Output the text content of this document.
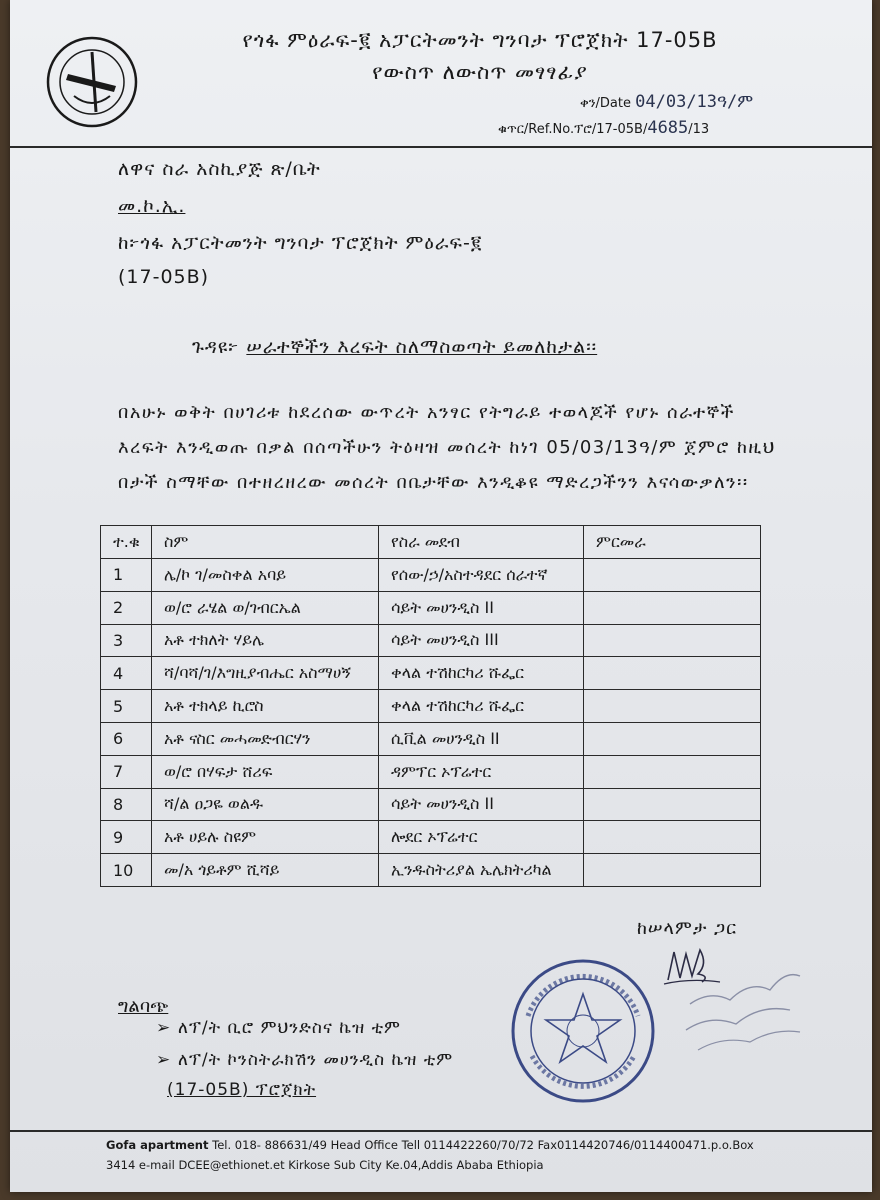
የጎፋ ምዕራፍ-፪ አፓርትመንት ግንባታ ፕሮጀክት 17-05B
የውስጥ ለውስጥ መፃፃፊያ
ቀን/Date 04/03/13ዓ/ም
ቁጥር/Ref.No.ፕሮ/17-05B/4685/13
ለዋና ስራ አስኪያጅ ጽ/ቤት
መ.ኮ.ኢ.
ከ፦ጎፋ አፓርትመንት ግንባታ ፕሮጀክት ምዕራፍ-፪
(17-05B)
ጉዳዩ፦ ሠራተኞችን እረፍት ስለማስወጣት ይመለከታል፡፡
በአሁኑ ወቅት በሀገሪቱ ከደረሰው ውጥረት አንፃር የትግራይ ተወላጆች የሆኑ ሰራተኞች እረፍት እንዲወጡ በቃል በሰጣችሁን ትዕዛዝ መሰረት ከነገ 05/03/13ዓ/ም ጀምሮ ከዚህ በታች ስማቸው በተዘረዘረው መሰረት በቤታቸው እንዲቆዩ ማድረጋችንን እናሳውቃለን፡፡
ተ.ቁ	ስም	የስራ መደብ	ምርመራ
1	ሌ/ኮ ገ/መስቀል አባይ	የሰው/ኃ/አስተዳደር ሰራተኛ	
2	ወ/ሮ ራሄል ወ/ገብርኤል	ሳይት መሀንዲስ II	
3	አቶ ተክለት ሃይሌ	ሳይት መሀንዲስ III	
4	ሻ/ባሻ/ገ/እግዚያብሔር አስማሀኝ	ቀላል ተሽከርካሪ ሹፌር	
5	አቶ ተክላይ ኪሮስ	ቀላል ተሽከርካሪ ሹፌር	
6	አቶ ናስር መሓመድብርሃን	ሲቪል መሀንዲስ II	
7	ወ/ሮ በሃፍታ ሸሪፍ	ዳምፕር ኦፕሬተር	
8	ሻ/ል ዐጋዬ ወልዱ	ሳይት መሀንዲስ II	
9	አቶ ሀይሉ ስዩም	ሎደር ኦፕሬተር	
10	መ/አ ጎይቶም ሺሻይ	ኢንዱስትሪያል ኤሌክትሪካል	
ከሠላምታ ጋር
ግልባጭ
➢ ለፕ/ት ቢሮ ምህንድስና ኬዝ ቲም
➢ ለፕ/ት ኮንስትራክሽን መሀንዲስ ኬዝ ቲም
(17-05B) ፕሮጀክት
Gofa apartment Tel. 018- 886631/49 Head Office Tell 0114422260/70/72 Fax0114420746/0114400471.p.o.Box
3414 e-mail DCEE@ethionet.et Kirkose Sub City Ke.04,Addis Ababa Ethiopia
